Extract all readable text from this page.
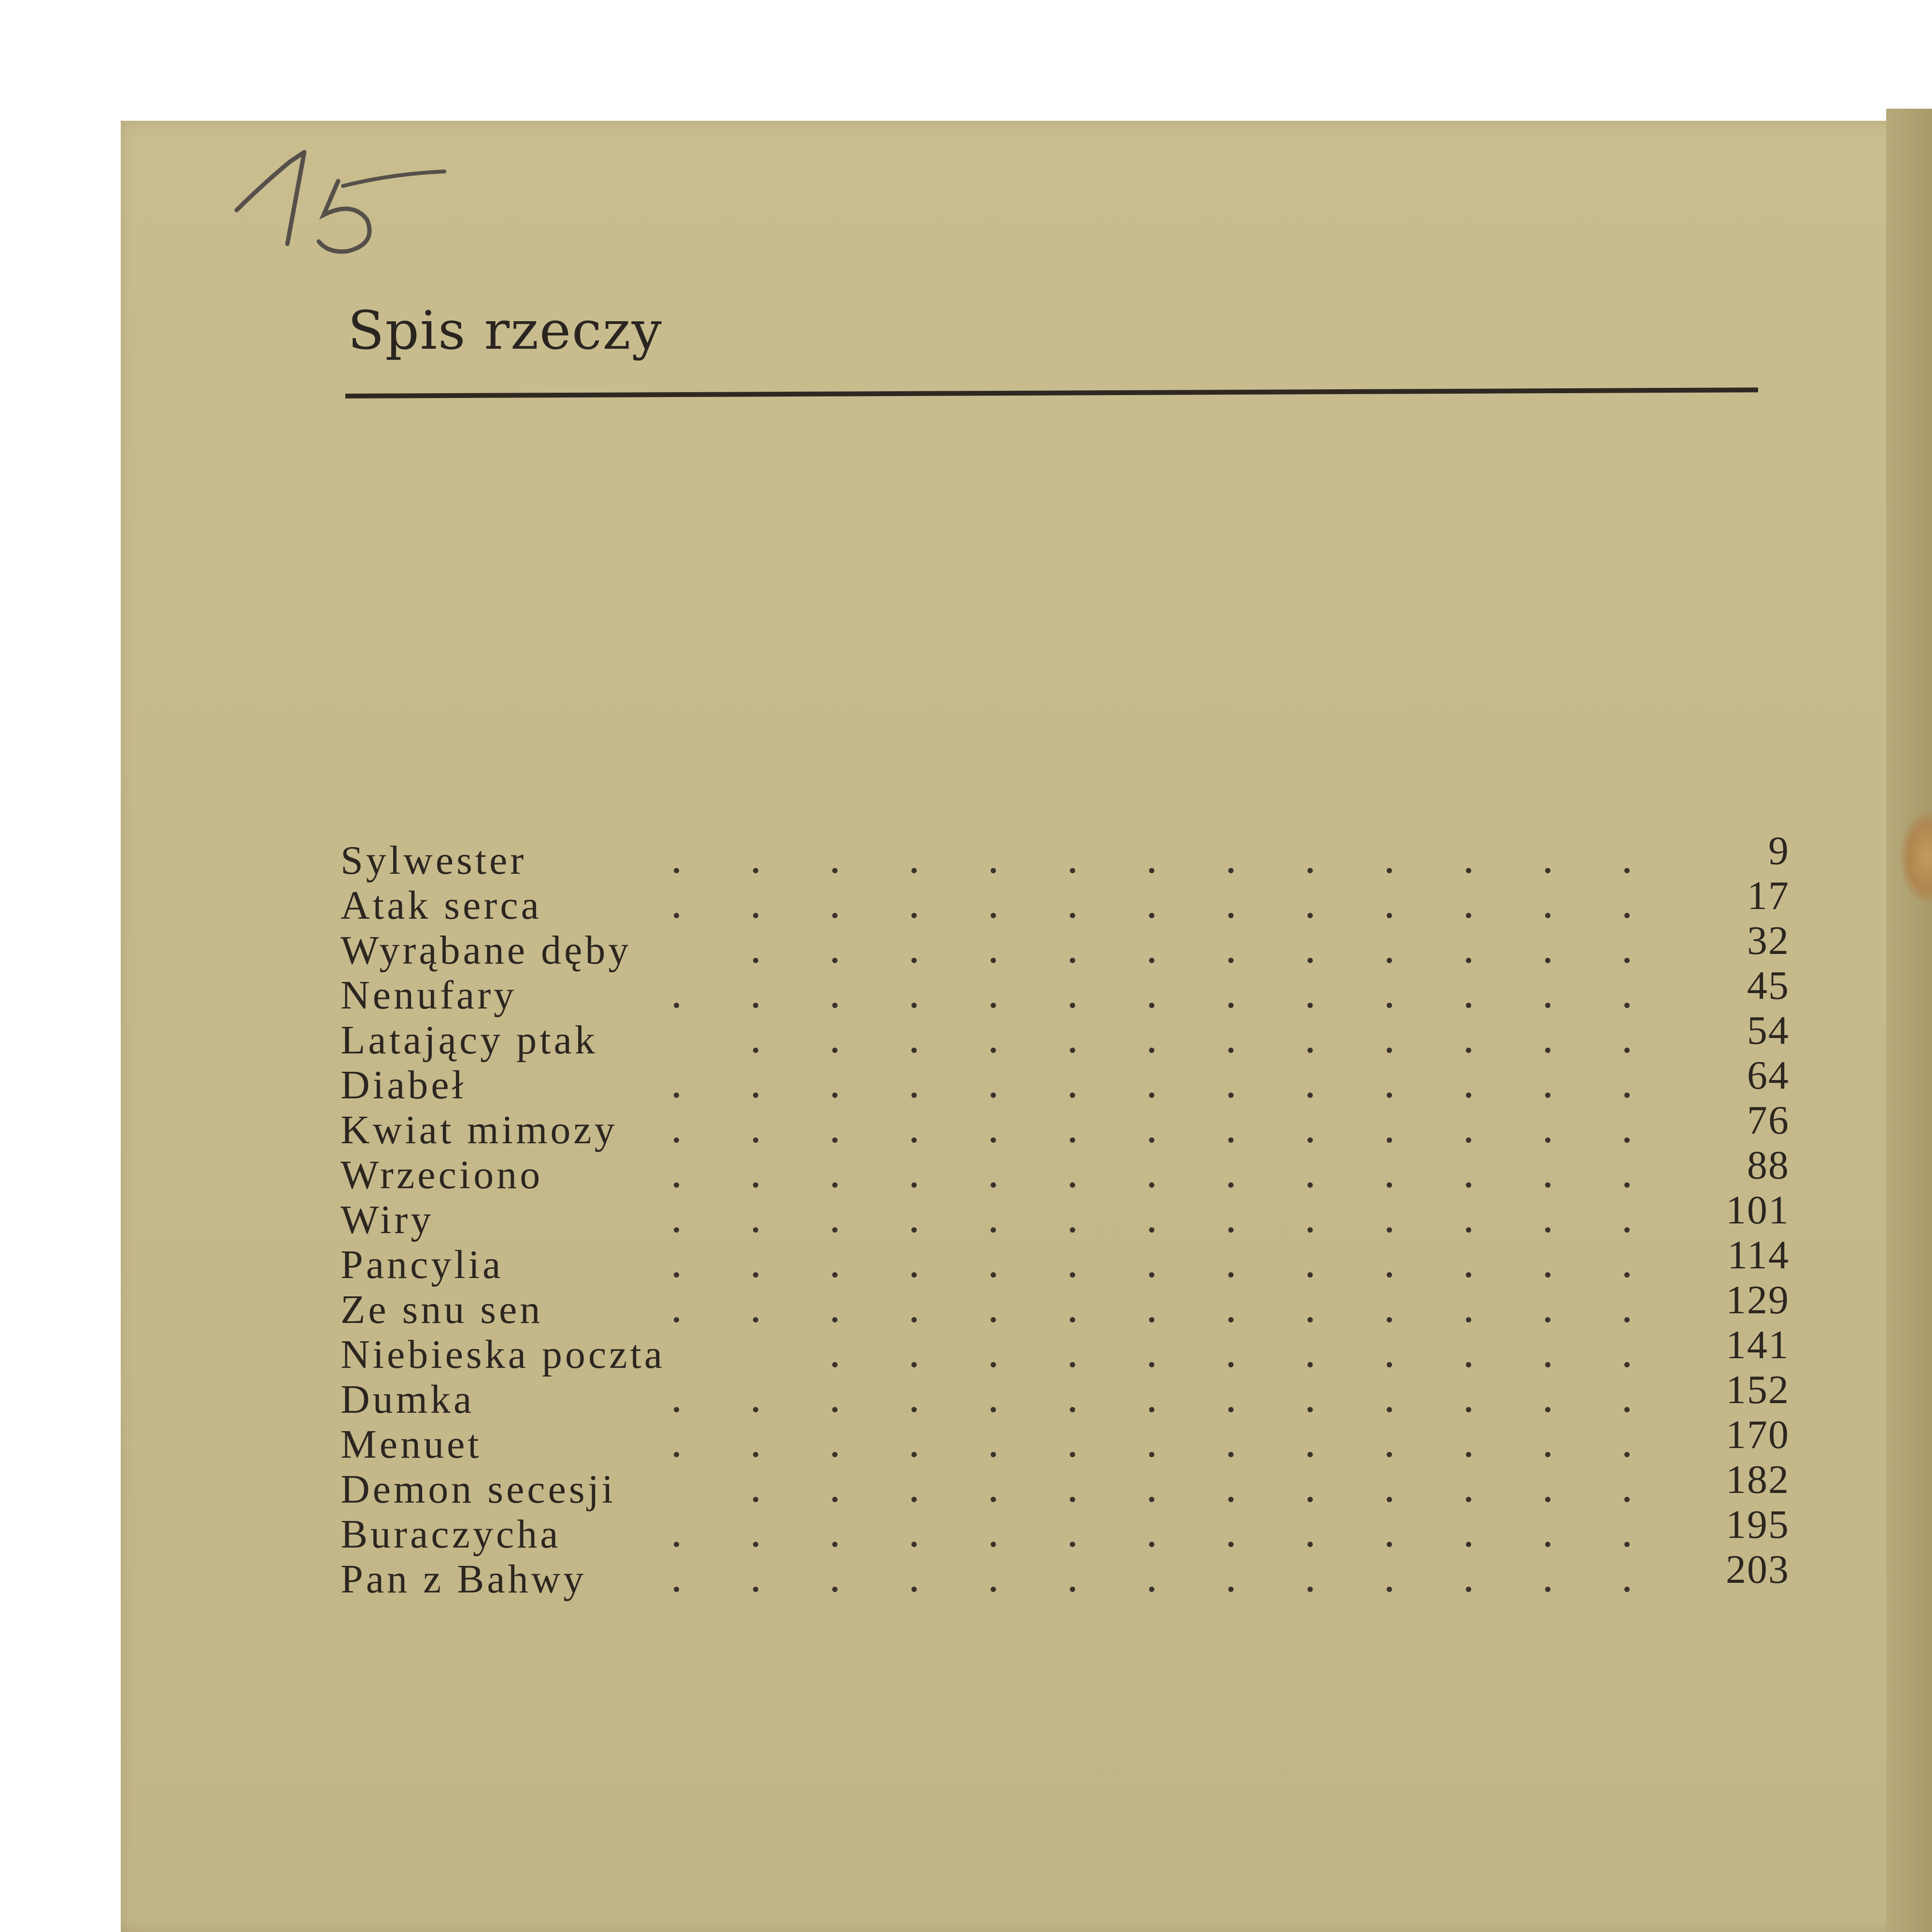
Spis rzeczy
Sylwester	9
Atak serca	17
Wyrąbane dęby	32
Nenufary	45
Latający ptak	54
Diabeł	64
Kwiat mimozy	76
Wrzeciono	88
Wiry	101
Pancylia	114
Ze snu sen	129
Niebieska poczta	141
Dumka	152
Menuet	170
Demon secesji	182
Buraczycha	195
Pan z Bahwy	203
